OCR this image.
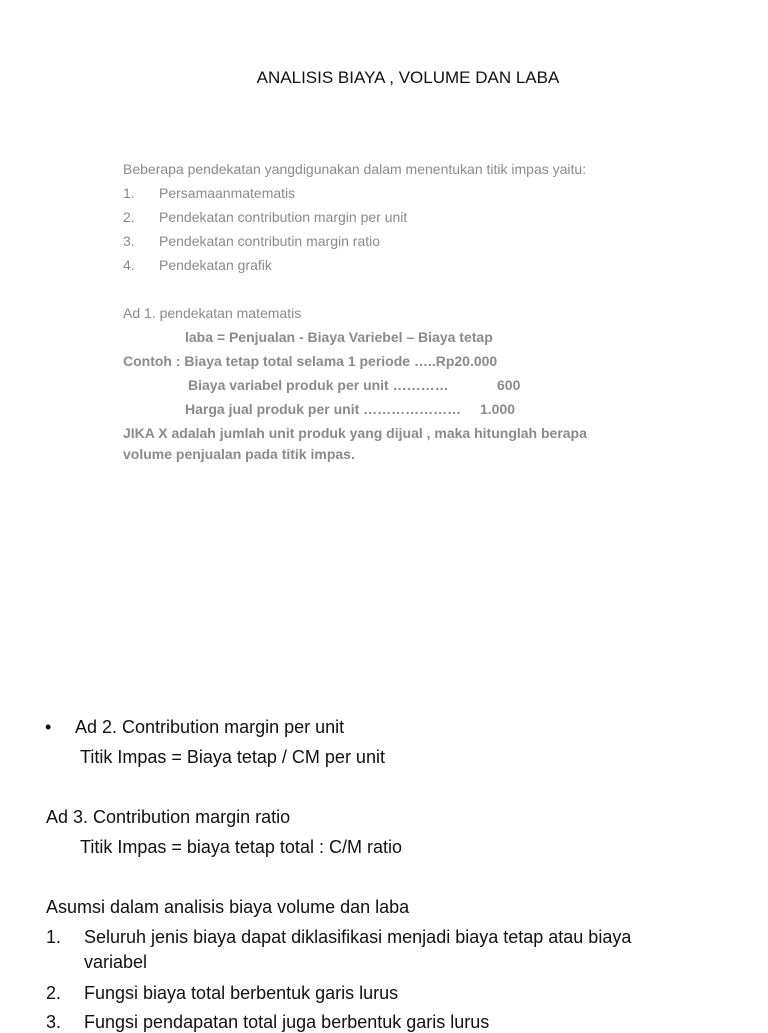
ANALISIS BIAYA , VOLUME DAN LABA
Beberapa pendekatan yangdigunakan dalam menentukan titik impas yaitu:
1. Persamaanmatematis
2. Pendekatan contribution margin per unit
3. Pendekatan contributin margin ratio
4. Pendekatan grafik
Ad 1. pendekatan matematis
laba = Penjualan - Biaya Variebel – Biaya tetap
Contoh : Biaya tetap total selama 1 periode …..Rp20.000
Biaya variabel produk per unit …………	600
Harga jual produk per unit ………………… 1.000
JIKA X adalah jumlah unit produk yang dijual , maka hitunglah berapa
volume penjualan pada titik impas.
• Ad 2. Contribution margin per unit
Titik Impas = Biaya tetap / CM per unit
Ad 3. Contribution margin ratio
Titik Impas = biaya tetap total : C/M ratio
Asumsi dalam analisis biaya volume dan laba
1. Seluruh jenis biaya dapat diklasifikasi menjadi biaya tetap atau biaya
variabel
2. Fungsi biaya total berbentuk garis lurus
3. Fungsi pendapatan total juga berbentuk garis lurus
